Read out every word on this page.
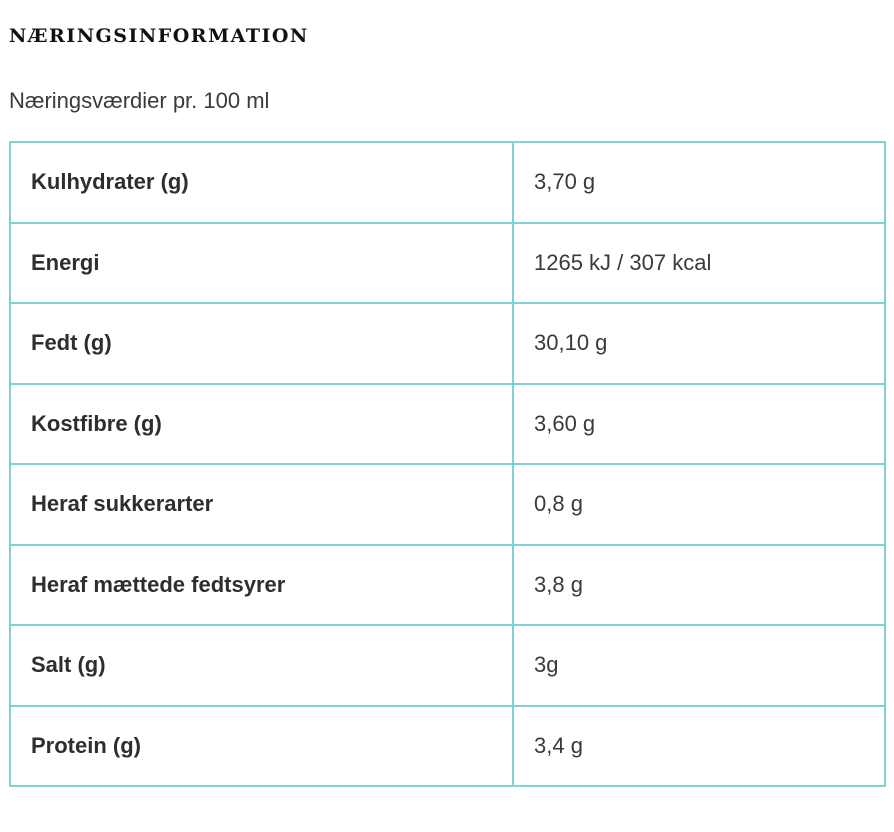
NÆRINGSINFORMATION

Næringsværdier pr. 100 ml

Kulhydrater (g)	3,70 g
Energi	1265 kJ / 307 kcal
Fedt (g)	30,10 g
Kostfibre (g)	3,60 g
Heraf sukkerarter	0,8 g
Heraf mættede fedtsyrer	3,8 g
Salt (g)	3g
Protein (g)	3,4 g
